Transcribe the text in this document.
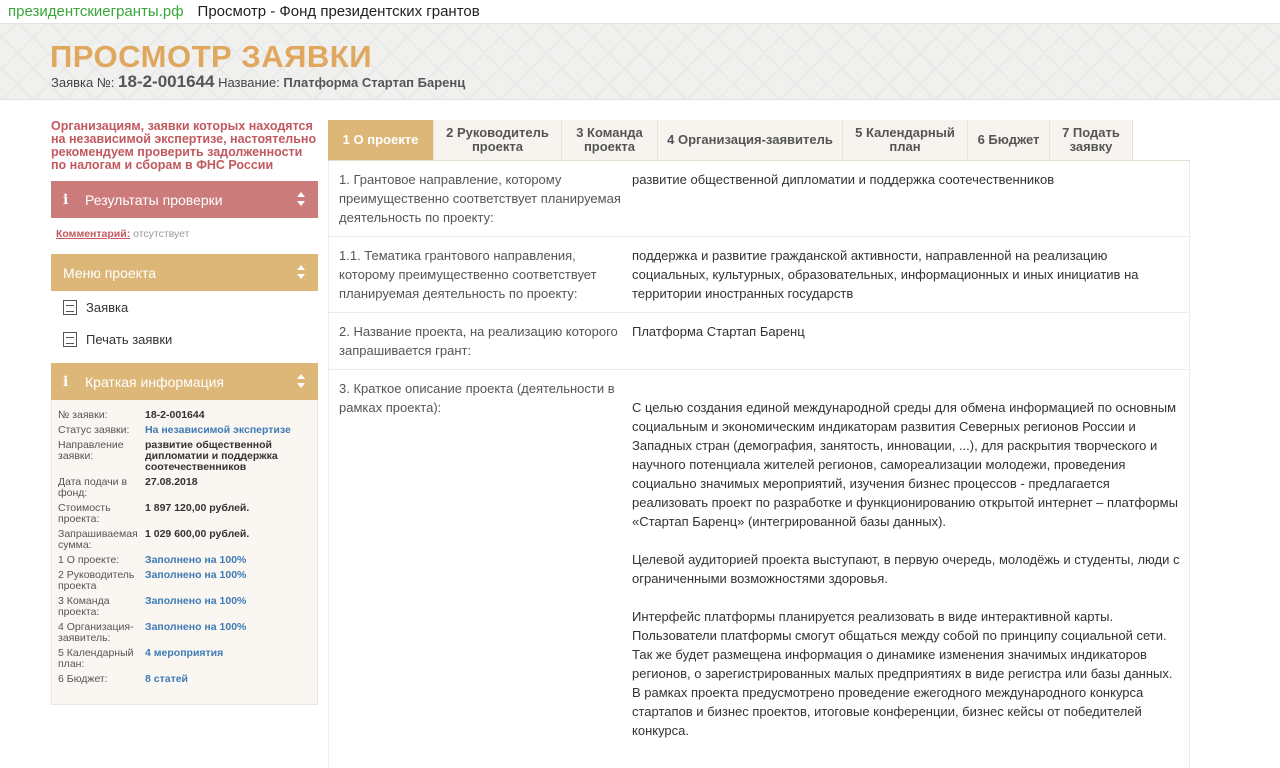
президентскиегранты.рф Просмотр - Фонд президентских грантов
ПРОСМОТР ЗАЯВКИ
Заявка №: 18-2-001644 Название: Платформа Стартап Баренц
Организациям, заявки которых находятся на независимой экспертизе, настоятельно рекомендуем проверить задолженности по налогам и сборам в ФНС России
i	Результаты проверки
Комментарий: отсутствует
Меню проекта
Заявка
Печать заявки
i	Краткая информация
№ заявки:	18-2-001644
Статус заявки:	На независимой экспертизе
Направление заявки:	развитие общественной дипломатии и поддержка соотечественников
Дата подачи в фонд:	27.08.2018
Стоимость проекта:	1 897 120,00 рублей.
Запрашиваемая сумма:	1 029 600,00 рублей.
1 О проекте:	Заполнено на 100%
2 Руководитель проекта	Заполнено на 100%
3 Команда проекта:	Заполнено на 100%
4 Организация-заявитель:	Заполнено на 100%
5 Календарный план:	4 мероприятия
6 Бюджет:	8 статей
1 О проекте	2 Руководитель проекта
3 Команда проекта	4 Организация-заявитель	5 Календарный план	6 Бюджет	7 Подать заявку
1. Грантовое направление, которому преимущественно соответствует планируемая деятельность по проекту:

развитие общественной дипломатии и поддержка соотечественников

1.1. Тематика грантового направления, которому преимущественно соответствует планируемая деятельность по проекту:

поддержка и развитие гражданской активности, направленной на реализацию социальных, культурных, образовательных, информационных и иных инициатив на территории иностранных государств

2. Название проекта, на реализацию которого запрашивается грант:

Платформа Стартап Баренц

3. Краткое описание проекта (деятельности в рамках проекта):	С целью создания единой международной среды для обмена информацией по основным социальным и экономическим индикаторам развития Северных регионов России и Западных стран (демография, занятость, инновации, ...), для раскрытия творческого и научного потенциала жителей регионов, самореализации молодежи, проведения социально значимых мероприятий, изучения бизнес процессов - предлагается реализовать проект по разработке и функционированию открытой интернет – платформы «Стартап Баренц» (интегрированной базы данных).

Целевой аудиторией проекта выступают, в первую очередь, молодёжь и студенты, люди с ограниченными возможностями здоровья.

Интерфейс платформы планируется реализовать в виде интерактивной карты. Пользователи платформы смогут общаться между собой по принципу социальной сети. Так же будет размещена информация о динамике изменения значимых индикаторов регионов, о зарегистрированных малых предприятиях в виде регистра или базы данных. В рамках проекта предусмотрено проведение ежегодного международного конкурса стартапов и бизнес проектов, итоговые конференции, бизнес кейсы от победителей конкурса.
